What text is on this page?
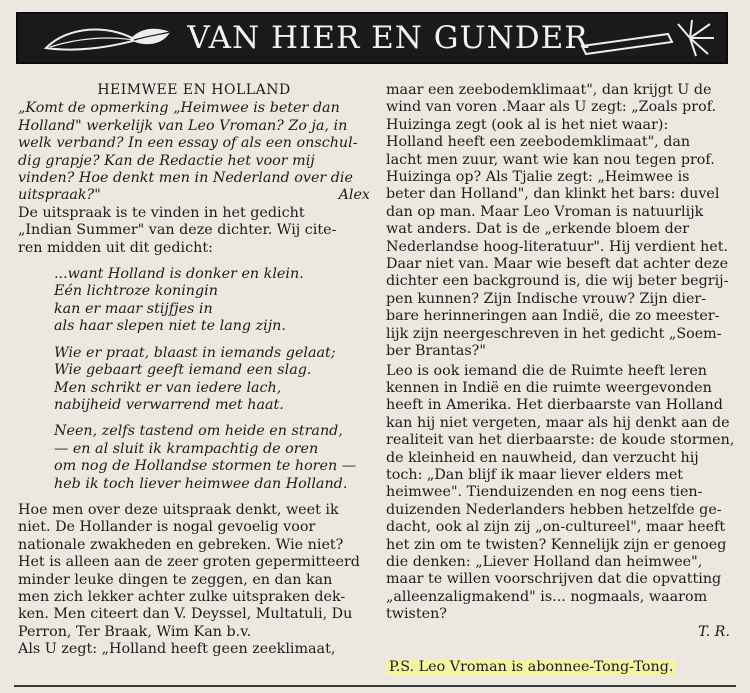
VAN HIER EN GUNDER
HEIMWEE EN HOLLAND
„Komt de opmerking „Heimwee is beter dan
Holland" werkelijk van Leo Vroman? Zo ja, in
welk verband? In een essay of als een onschul-
dig grapje? Kan de Redactie het voor mij
vinden? Hoe denkt men in Nederland over die
uitspraak?"	Alex
De uitspraak is te vinden in het gedicht
„Indian Summer" van deze dichter. Wij cite-
ren midden uit dit gedicht:
...want Holland is donker en klein.
Eén lichtroze koningin
kan er maar stijfjes in
als haar slepen niet te lang zijn.
Wie er praat, blaast in iemands gelaat;
Wie gebaart geeft iemand een slag.
Men schrikt er van iedere lach,
nabijheid verwarrend met haat.
Neen, zelfs tastend om heide en strand,
— en al sluit ik krampachtig de oren
om nog de Hollandse stormen te horen —
heb ik toch liever heimwee dan Holland.
Hoe men over deze uitspraak denkt, weet ik
niet. De Hollander is nogal gevoelig voor
nationale zwakheden en gebreken. Wie niet?
Het is alleen aan de zeer groten gepermitteerd
minder leuke dingen te zeggen, en dan kan
men zich lekker achter zulke uitspraken dek-
ken. Men citeert dan V. Deyssel, Multatuli, Du
Perron, Ter Braak, Wim Kan b.v.
Als U zegt: „Holland heeft geen zeeklimaat,
maar een zeebodemklimaat", dan krijgt U de
wind van voren .Maar als U zegt: „Zoals prof.
Huizinga zegt (ook al is het niet waar):
Holland heeft een zeebodemklimaat", dan
lacht men zuur, want wie kan nou tegen prof.
Huizinga op? Als Tjalie zegt: „Heimwee is
beter dan Holland", dan klinkt het bars: duvel
dan op man. Maar Leo Vroman is natuurlijk
wat anders. Dat is de „erkende bloem der
Nederlandse hoog-literatuur". Hij verdient het.
Daar niet van. Maar wie beseft dat achter deze
dichter een background is, die wij beter begrij-
pen kunnen? Zijn Indische vrouw? Zijn dier-
bare herinneringen aan Indië, die zo meester-
lijk zijn neergeschreven in het gedicht „Soem-
ber Brantas?"
Leo is ook iemand die de Ruimte heeft leren
kennen in Indië en die ruimte weergevonden
heeft in Amerika. Het dierbaarste van Holland
kan hij niet vergeten, maar als hij denkt aan de
realiteit van het dierbaarste: de koude stormen,
de kleinheid en nauwheid, dan verzucht hij
toch: „Dan blijf ik maar liever elders met
heimwee". Tienduizenden en nog eens tien-
duizenden Nederlanders hebben hetzelfde ge-
dacht, ook al zijn zij „on-cultureel", maar heeft
het zin om te twisten? Kennelijk zijn er genoeg
die denken: „Liever Holland dan heimwee",
maar te willen voorschrijven dat die opvatting
„alleenzaligmakend" is... nogmaals, waarom
twisten?
T. R.
P.S. Leo Vroman is abonnee-Tong-Tong.
